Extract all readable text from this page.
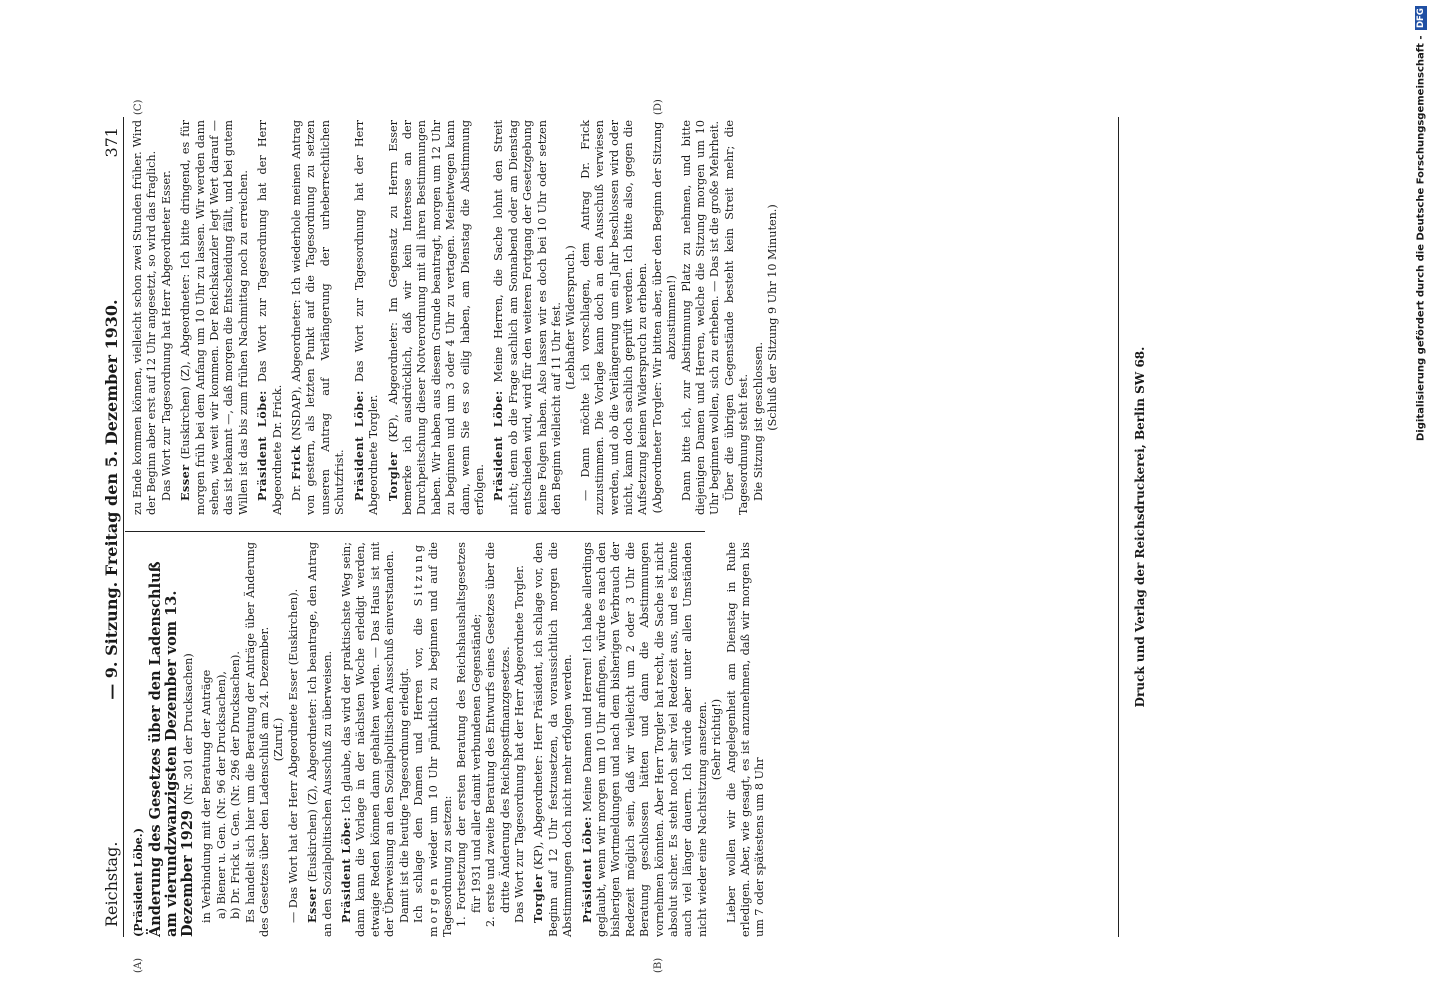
Reichstag.
— 9. Sitzung. Freitag den 5. Dezember 1930.
371
(A)	(B)
(C)	(D)

(Präsident Löbe.) Änderung des Gesetzes über den Ladenschluß am vierundzwanzigsten Dezember vom 13. Dezember 1929 (Nr. 301 der Drucksachen) in Verbindung mit der Beratung der Anträge a) Biener u. Gen. (Nr. 96 der Drucksachen), b) Dr. Frick u. Gen. (Nr. 296 der Drucksachen). Es handelt sich hier um die Beratung der Anträge über Änderung des Gesetzes über den Ladenschluß am 24. Dezember. (Zuruf.) — Das Wort hat der Herr Abgeordnete Esser (Euskirchen). Esser (Euskirchen) (Z), Abgeordneter: Ich beantrage, den Antrag an den Sozialpolitischen Ausschuß zu überweisen. Präsident Löbe: Ich glaube, das wird der praktischste Weg sein; dann kann die Vorlage in der nächsten Woche erledigt werden, etwaige Reden können dann gehalten werden. — Das Haus ist mit der Überweisung an den Sozialpolitischen Ausschuß einverstanden. Damit ist die heutige Tagesordnung erledigt. Ich schlage den Damen und Herren vor, die Sitzung morgen wieder um 10 Uhr pünktlich zu beginnen und auf die Tagesordnung zu setzen: 1. Fortsetzung der ersten Beratung des Reichshaushaltsgesetzes für 1931 und aller damit verbundenen Gegenstände; 2. erste und zweite Beratung des Entwurfs eines Gesetzes über die dritte Änderung des Reichspostfinanzgesetzes. Das Wort zur Tagesordnung hat der Herr Abgeordnete Torgler. Torgler (KP), Abgeordneter: Herr Präsident, ich schlage vor, den Beginn auf 12 Uhr festzusetzen, da voraussichtlich morgen die Abstimmungen doch nicht mehr erfolgen werden. Präsident Löbe: Meine Damen und Herren! Ich habe allerdings geglaubt, wenn wir morgen um 10 Uhr anfingen, würde es nach den bisherigen Wortmeldungen und nach dem bisherigen Verbrauch der Redezeit möglich sein, daß wir vielleicht um 2 oder 3 Uhr die Beratung geschlossen hätten und dann die Abstimmungen vornehmen könnten. Aber Herr Torgler hat recht, die Sache ist nicht absolut sicher. Es steht noch sehr viel Redezeit aus, und es könnte auch viel länger dauern. Ich würde aber unter allen Umständen nicht wieder eine Nachtsitzung ansetzen. (Sehr richtig!) Lieber wollen wir die Angelegenheit am Dienstag in Ruhe erledigen. Aber, wie gesagt, es ist anzunehmen, daß wir morgen bis um 7 oder spätestens um 8 Uhr

zu Ende kommen können, vielleicht schon zwei Stunden früher. Wird der Beginn aber erst auf 12 Uhr angesetzt, so wird das fraglich. Das Wort zur Tagesordnung hat Herr Abgeordneter Esser. Esser (Euskirchen) (Z), Abgeordneter: Ich bitte dringend, es für morgen früh bei dem Anfang um 10 Uhr zu lassen. Wir werden dann sehen, wie weit wir kommen. Der Reichskanzler legt Wert darauf — das ist bekannt —, daß morgen die Entscheidung fällt, und bei gutem Willen ist das bis zum frühen Nachmittag noch zu erreichen. Präsident Löbe: Das Wort zur Tagesordnung hat der Herr Abgeordnete Dr. Frick. Dr. Frick (NSDAP), Abgeordneter: Ich wiederhole meinen Antrag von gestern, als letzten Punkt auf die Tagesordnung zu setzen unseren Antrag auf Verlängerung der urheberrechtlichen Schutzfrist. Präsident Löbe: Das Wort zur Tagesordnung hat der Herr Abgeordnete Torgler. Torgler (KP), Abgeordneter: Im Gegensatz zu Herrn Esser bemerke ich ausdrücklich, daß wir kein Interesse an der Durchpeitschung dieser Notverordnung mit all ihren Bestimmungen haben. Wir haben aus diesem Grunde beantragt, morgen um 12 Uhr zu beginnen und um 3 oder 4 Uhr zu vertagen. Meinetwegen kann dann, wenn Sie es so eilig haben, am Dienstag die Abstimmung erfolgen. Präsident Löbe: Meine Herren, die Sache lohnt den Streit nicht; denn ob die Frage sachlich am Sonnabend oder am Dienstag entschieden wird, wird für den weiteren Fortgang der Gesetzgebung keine Folgen haben. Also lassen wir es doch bei 10 Uhr oder setzen den Beginn vielleicht auf 11 Uhr fest. (Lebhafter Widerspruch.) — Dann möchte ich vorschlagen, dem Antrag Dr. Frick zuzustimmen. Die Vorlage kann doch an den Ausschuß verwiesen werden, und ob die Verlängerung um ein Jahr beschlossen wird oder nicht, kann doch sachlich geprüft werden. Ich bitte also, gegen die Aufsetzung keinen Widerspruch zu erheben. (Abgeordneter Torgler: Wir bitten aber, über den Beginn der Sitzung abzustimmen!) Dann bitte ich, zur Abstimmung Platz zu nehmen, und bitte diejenigen Damen und Herren, welche die Sitzung morgen um 10 Uhr beginnen wollen, sich zu erheben. — Das ist die große Mehrheit. Über die übrigen Gegenstände besteht kein Streit mehr; die Tagesordnung steht fest. Die Sitzung ist geschlossen. (Schluß der Sitzung 9 Uhr 10 Minuten.)

Druck und Verlag der Reichsdruckerei, Berlin SW 68.
Digitalisierung gefördert durch die Deutsche Forschungsgemeinschaft -
DFG
